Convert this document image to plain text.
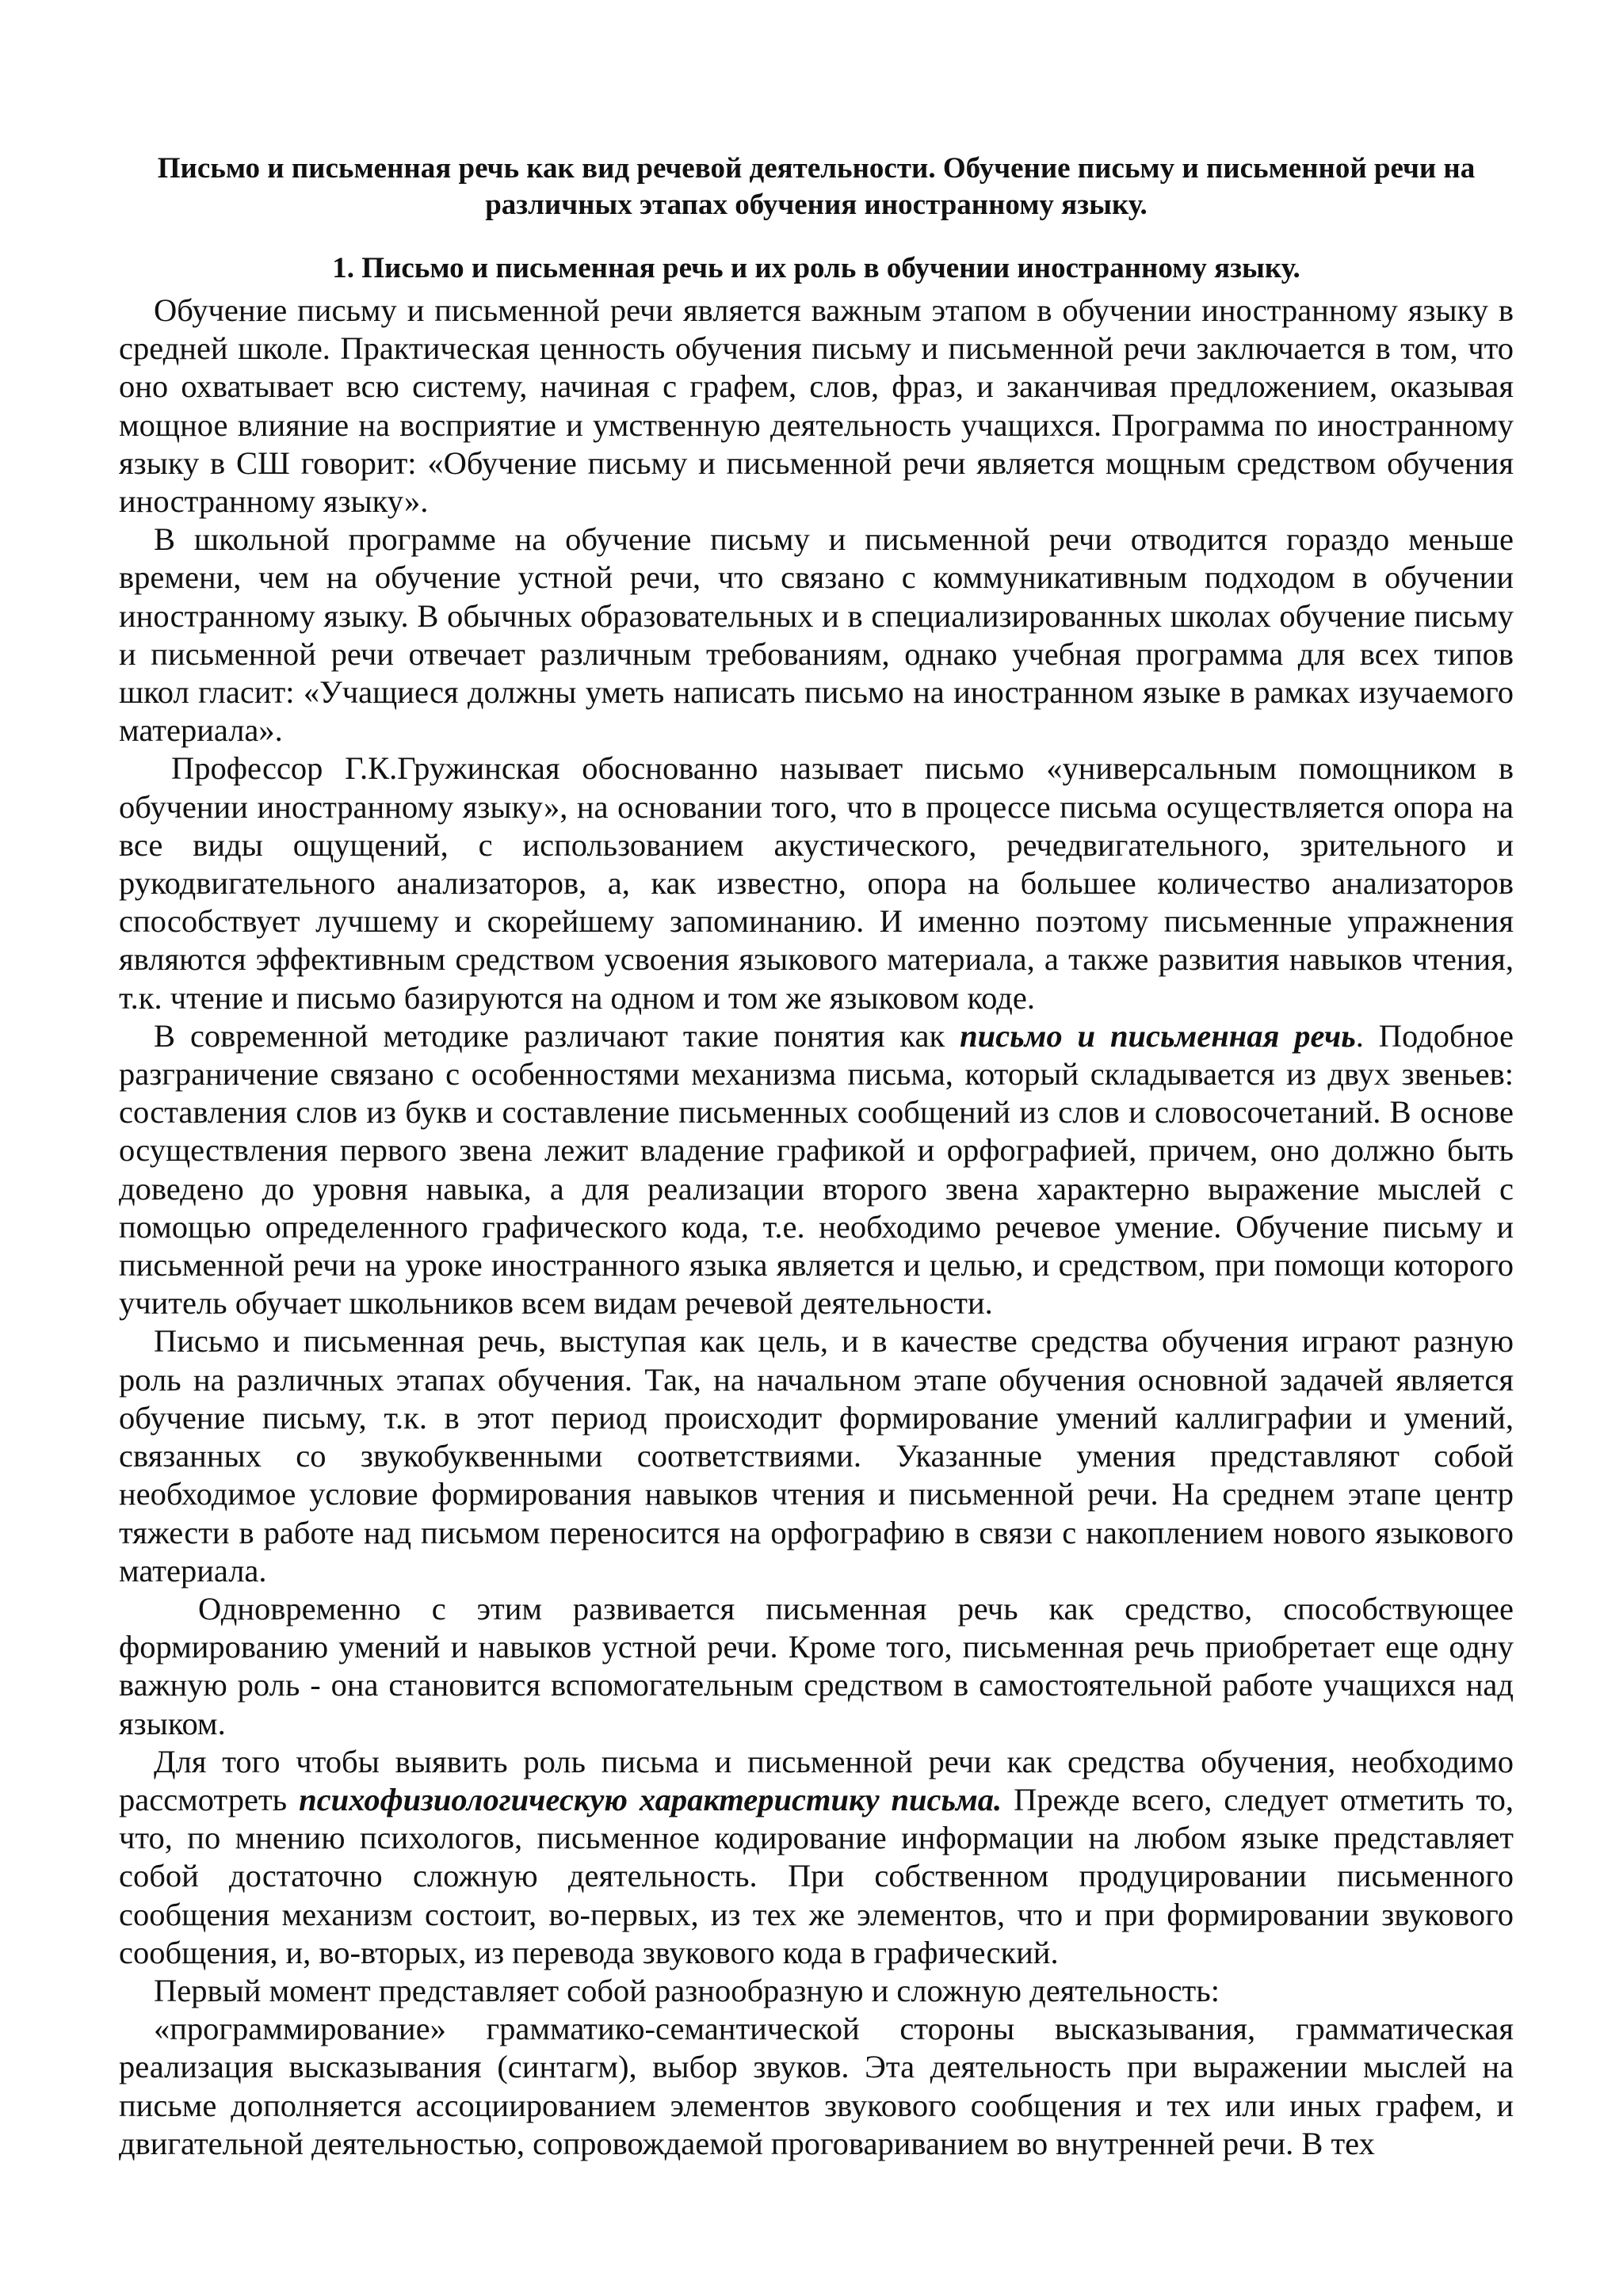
Письмо и письменная речь как вид речевой деятельности. Обучение письму и письменной речи на различных этапах обучения иностранному языку.
1. Письмо и письменная речь и их роль в обучении иностранному языку.

Обучение письму и письменной речи является важным этапом в обучении иностранному языку в средней школе. Практическая ценность обучения письму и письменной речи заключается в том, что оно охватывает всю систему, начиная с графем, слов, фраз, и заканчивая предложением, оказывая мощное влияние на восприятие и умственную деятельность учащихся. Программа по иностранному языку в СШ говорит: «Обучение письму и письменной речи является мощным средством обучения иностранному языку».

В школьной программе на обучение письму и письменной речи отводится гораздо меньше времени, чем на обучение устной речи, что связано с коммуникативным подходом в обучении иностранному языку. В обычных образовательных и в специализированных школах обучение письму и письменной речи отвечает различным требованиям, однако учебная программа для всех типов школ гласит: «Учащиеся должны уметь написать письмо на иностранном языке в рамках изучаемого материала».

Профессор Г.К.Гружинская обоснованно называет письмо «универсальным помощником в обучении иностранному языку», на основании того, что в процессе письма осуществляется опора на все виды ощущений, с использованием акустического, речедвигательного, зрительного и рукодвигательного анализаторов, а, как известно, опора на большее количество анализаторов способствует лучшему и скорейшему запоминанию. И именно поэтому письменные упражнения являются эффективным средством усвоения языкового материала, а также развития навыков чтения, т.к. чтение и письмо базируются на одном и том же языковом коде.

В современной методике различают такие понятия как письмо и письменная речь. Подобное разграничение связано с особенностями механизма письма, который складывается из двух звеньев: составления слов из букв и составление письменных сообщений из слов и словосочетаний. В основе осуществления первого звена лежит владение графикой и орфографией, причем, оно должно быть доведено до уровня навыка, а для реализации второго звена характерно выражение мыслей с помощью определенного графического кода, т.е. необходимо речевое умение. Обучение письму и письменной речи на уроке иностранного языка является и целью, и средством, при помощи которого учитель обучает школьников всем видам речевой деятельности.

Письмо и письменная речь, выступая как цель, и в качестве средства обучения играют разную роль на различных этапах обучения. Так, на начальном этапе обучения основной задачей является обучение письму, т.к. в этот период происходит формирование умений каллиграфии и умений, связанных со звукобуквенными соответствиями. Указанные умения представляют собой необходимое условие формирования навыков чтения и письменной речи. На среднем этапе центр тяжести в работе над письмом переносится на орфографию в связи с накоплением нового языкового материала.

Одновременно с этим развивается письменная речь как средство, способствующее формированию умений и навыков устной речи. Кроме того, письменная речь приобретает еще одну важную роль - она становится вспомогательным средством в самостоятельной работе учащихся над языком.

Для того чтобы выявить роль письма и письменной речи как средства обучения, необходимо рассмотреть психофизиологическую характеристику письма. Прежде всего, следует отметить то, что, по мнению психологов, письменное кодирование информации на любом языке представляет собой достаточно сложную деятельность. При собственном продуцировании письменного сообщения механизм состоит, во-первых, из тех же элементов, что и при формировании звукового сообщения, и, во-вторых, из перевода звукового кода в графический.

Первый момент представляет собой разнообразную и сложную деятельность:

«программирование» грамматико-семантической стороны высказывания, грамматическая реализация высказывания (синтагм), выбор звуков. Эта деятельность при выражении мыслей на письме дополняется ассоциированием элементов звукового сообщения и тех или иных графем, и двигательной деятельностью, сопровождаемой проговариванием во внутренней речи. В тех
